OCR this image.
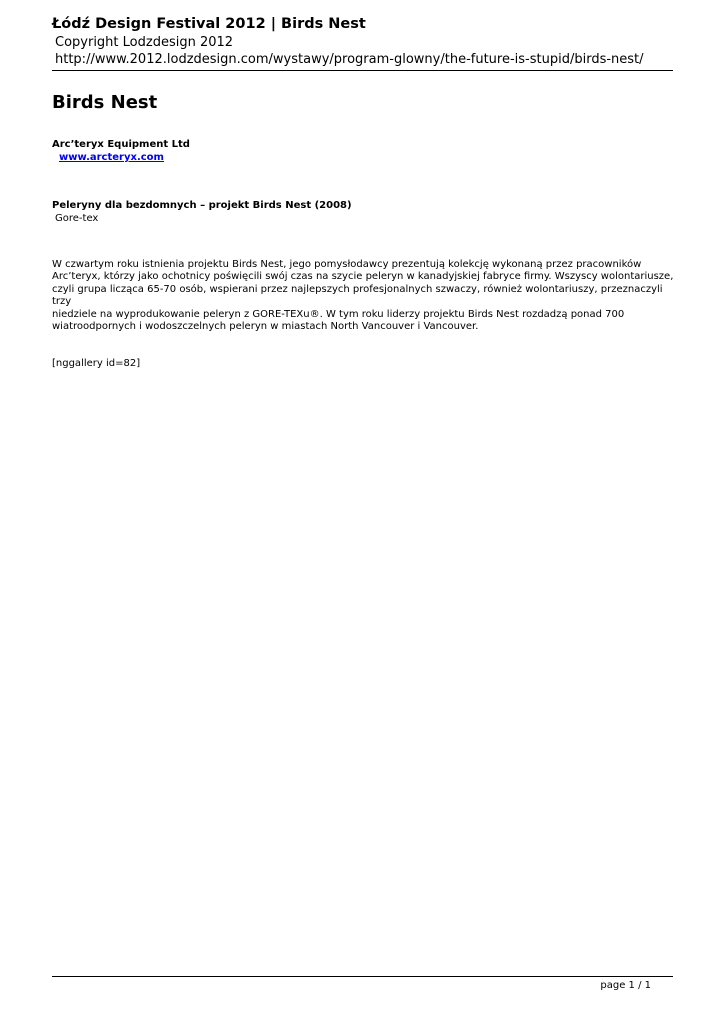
Łódź Design Festival 2012 | Birds Nest
Copyright Lodzdesign 2012
http://www.2012.lodzdesign.com/wystawy/program-glowny/the-future-is-stupid/birds-nest/
Birds Nest
Arc’teryx Equipment Ltd
www.arcteryx.com
Peleryny dla bezdomnych – projekt Birds Nest (2008)
Gore-tex

W czwartym roku istnienia projektu Birds Nest, jego pomysłodawcy prezentują kolekcję wykonaną przez pracowników
Arc’teryx, którzy jako ochotnicy poświęcili swój czas na szycie peleryn w kanadyjskiej fabryce firmy. Wszyscy wolontariusze,
czyli grupa licząca 65-70 osób, wspierani przez najlepszych profesjonalnych szwaczy, również wolontariuszy, przeznaczyli trzy
niedziele na wyprodukowanie peleryn z GORE-TEXu®. W tym roku liderzy projektu Birds Nest rozdadzą ponad 700
wiatroodpornych i wodoszczelnych peleryn w miastach North Vancouver i Vancouver.

[nggallery id=82]
page 1 / 1
